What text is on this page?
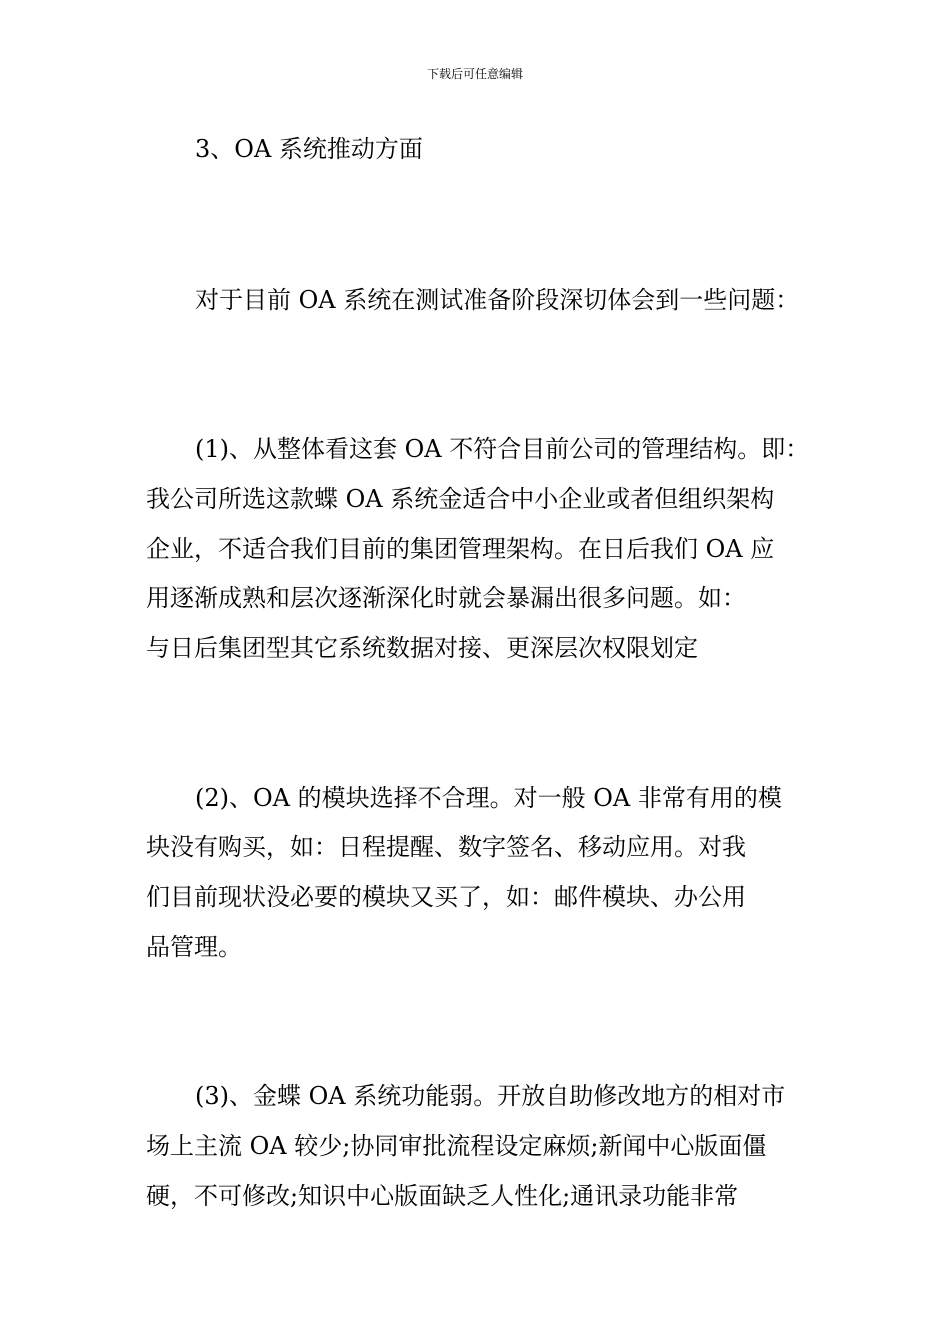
下载后可任意编辑
3、OA 系统推动方面
对于目前 OA 系统在测试准备阶段深切体会到一些问题：
(1)、从整体看这套 OA 不符合目前公司的管理结构。即：
我公司所选这款蝶 OA 系统金适合中小企业或者但组织架构
企业，不适合我们目前的集团管理架构。在日后我们 OA 应
用逐渐成熟和层次逐渐深化时就会暴漏出很多问题。如：
与日后集团型其它系统数据对接、更深层次权限划定
(2)、OA 的模块选择不合理。对一般 OA 非常有用的模
块没有购买，如：日程提醒、数字签名、移动应用。对我
们目前现状没必要的模块又买了，如：邮件模块、办公用
品管理。
(3)、金蝶 OA 系统功能弱。开放自助修改地方的相对市
场上主流 OA 较少;协同审批流程设定麻烦;新闻中心版面僵
硬，不可修改;知识中心版面缺乏人性化;通讯录功能非常
